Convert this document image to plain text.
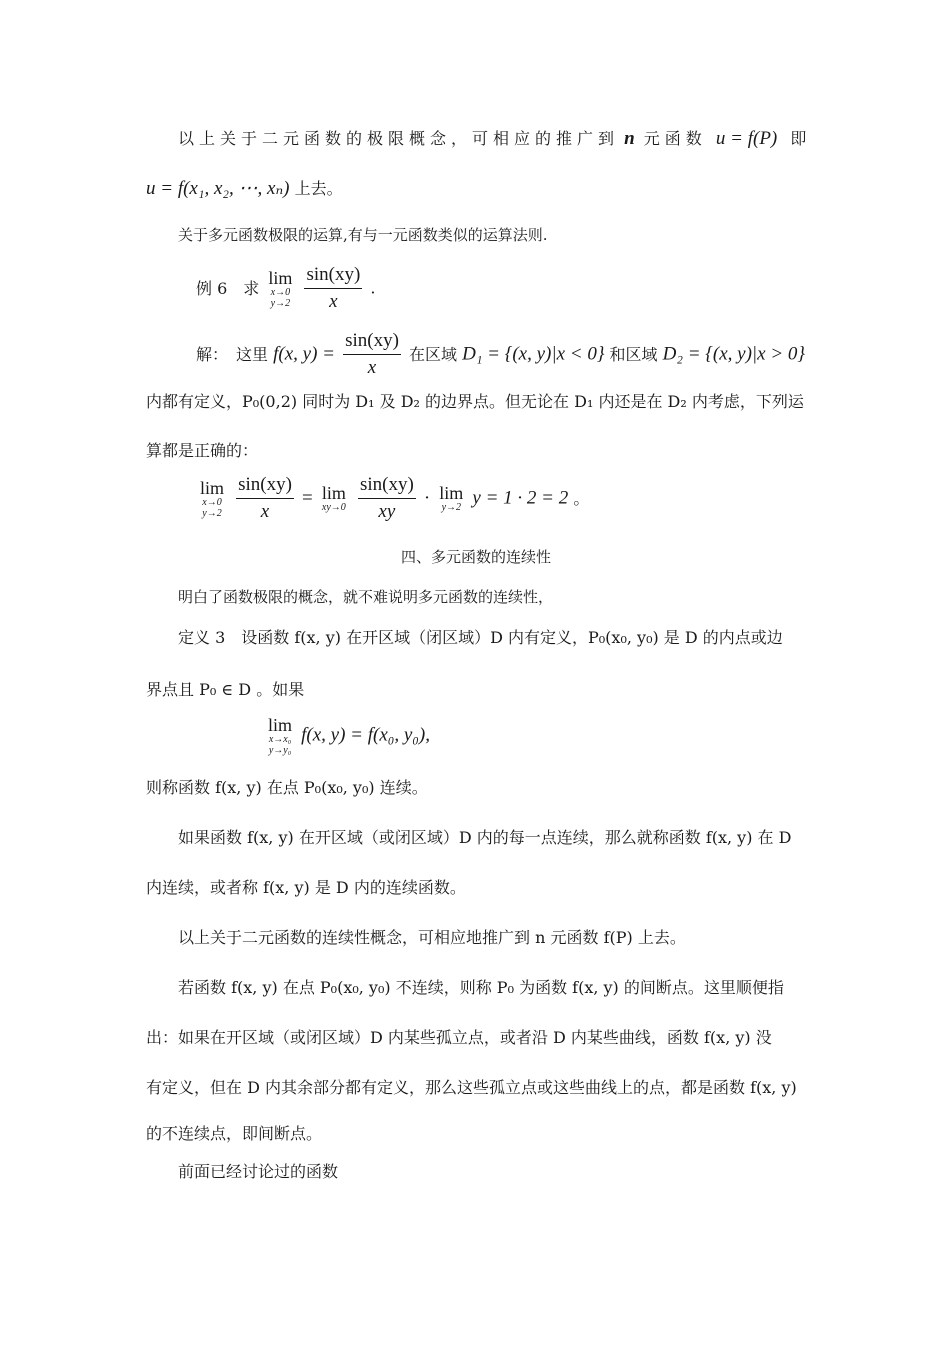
以上关于二元函数的极限概念，可相应的推广到 n 元函数 u = f(P) 即
u = f(x₁, x₂, ⋯, xₙ) 上去。
关于多元函数极限的运算,有与一元函数类似的运算法则.
例 6　求
lim
x→0
y→2
$\frac{\sin(xy)}{x}$ .
解：　这里 f(x, $y) = \frac{\sin(xy)}{x}$ 在区域 D₁ = {(x, y)|x < 0} 和区域 D₂ = {(x, y)|x > 0}
内都有定义，P₀(0,2) 同时为 D₁ 及 D₂ 的边界点。但无论在 D₁ 内还是在 D₂ 内考虑，下列运
算都是正确的：
lim
x→0
y→2
$\frac{\sin(xy)}{x} = \lim$
xy→0
$\frac{\sin(xy)}{xy} \cdot \lim$
y→2 y = 1 · 2 = 2 。
四、多元函数的连续性
明白了函数极限的概念，就不难说明多元函数的连续性，
定义 3　设函数 f(x, y) 在开区域（闭区域）D 内有定义，P₀(x₀, y₀) 是 D 的内点或边
界点且 P₀ ∈ D 。如果
lim
x→x₀
y→y₀
f(x, y) = f(x₀, y₀),
则称函数 f(x, y) 在点 P₀(x₀, y₀) 连续。
如果函数 f(x, y) 在开区域（或闭区域）D 内的每一点连续，那么就称函数 f(x, y) 在 D
内连续，或者称 f(x, y) 是 D 内的连续函数。
以上关于二元函数的连续性概念，可相应地推广到 n 元函数 f(P) 上去。
若函数 f(x, y) 在点 P₀(x₀, y₀) 不连续，则称 P₀ 为函数 f(x, y) 的间断点。这里顺便指
出：如果在开区域（或闭区域）D 内某些孤立点，或者沿 D 内某些曲线，函数 f(x, y) 没
有定义，但在 D 内其余部分都有定义，那么这些孤立点或这些曲线上的点，都是函数 f(x, y)
的不连续点，即间断点。
前面已经讨论过的函数
